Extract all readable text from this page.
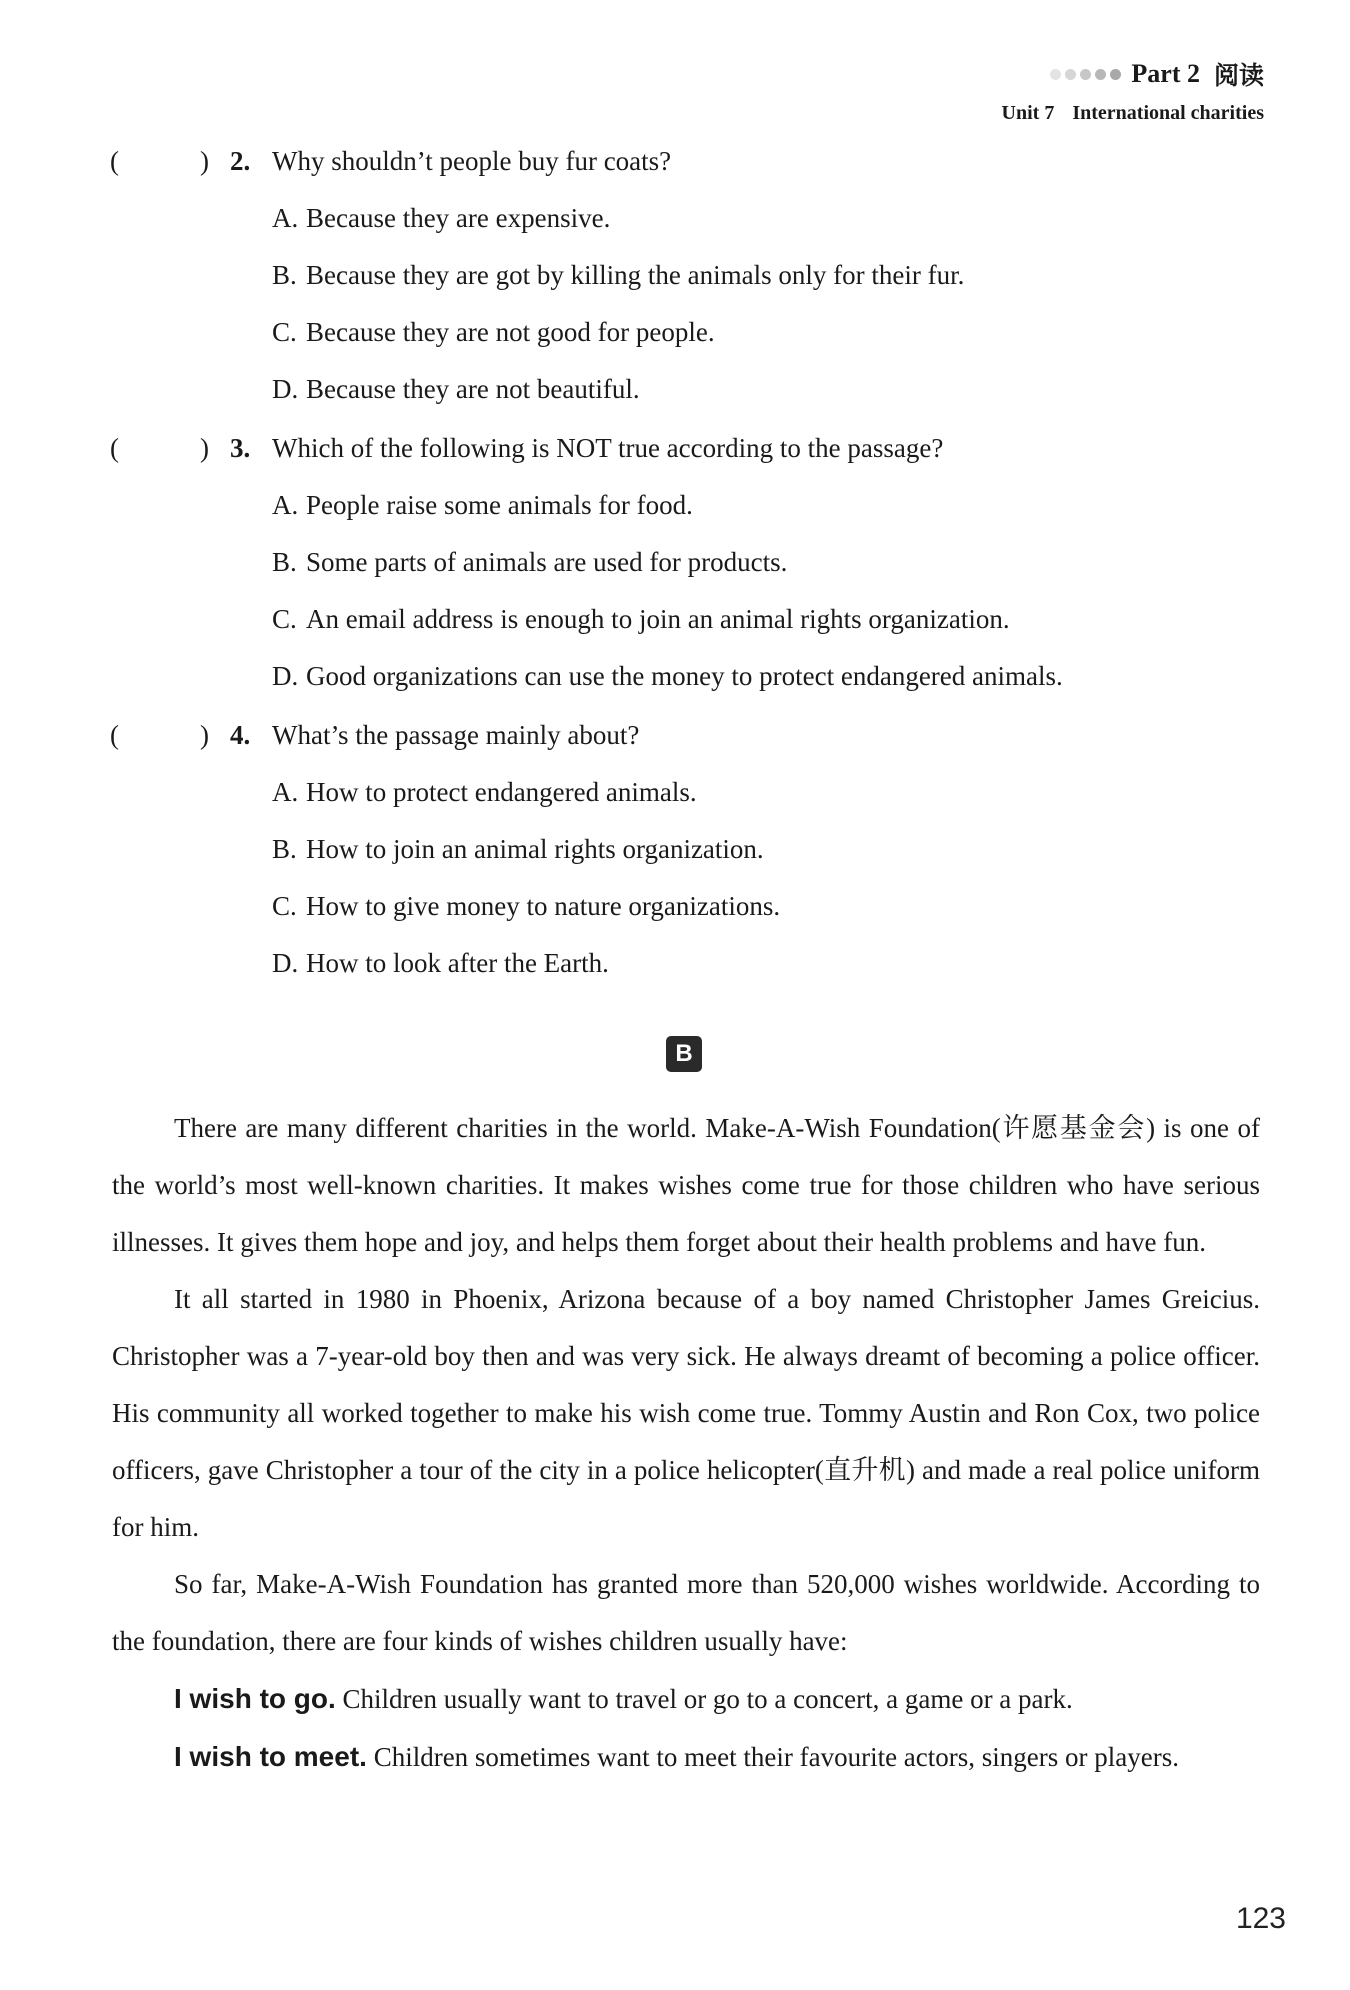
Part 2 阅读
Unit 7 International charities
(	) 2. Why shouldn’t people buy fur coats?
A. Because they are expensive.
B. Because they are got by killing the animals only for their fur.
C. Because they are not good for people.
D. Because they are not beautiful.
(	) 3. Which of the following is NOT true according to the passage?
A. People raise some animals for food.
B. Some parts of animals are used for products.
C. An email address is enough to join an animal rights organization.
D. Good organizations can use the money to protect endangered animals.
(	) 4. What’s the passage mainly about?
A. How to protect endangered animals.
B. How to join an animal rights organization.
C. How to give money to nature organizations.
D. How to look after the Earth.
B

There are many different charities in the world. Make-A-Wish Foundation(许愿基金会) is one of the world’s most well-known charities. It makes wishes come true for those children who have serious illnesses. It gives them hope and joy, and helps them forget about their health problems and have fun.

It all started in 1980 in Phoenix, Arizona because of a boy named Christopher James Greicius. Christopher was a 7-year-old boy then and was very sick. He always dreamt of becoming a police officer. His community all worked together to make his wish come true. Tommy Austin and Ron Cox, two police officers, gave Christopher a tour of the city in a police helicopter(直升机) and made a real police uniform for him.

So far, Make-A-Wish Foundation has granted more than 520,000 wishes worldwide. According to the foundation, there are four kinds of wishes children usually have:

I wish to go. Children usually want to travel or go to a concert, a game or a park.

I wish to meet. Children sometimes want to meet their favourite actors, singers or players.

123
